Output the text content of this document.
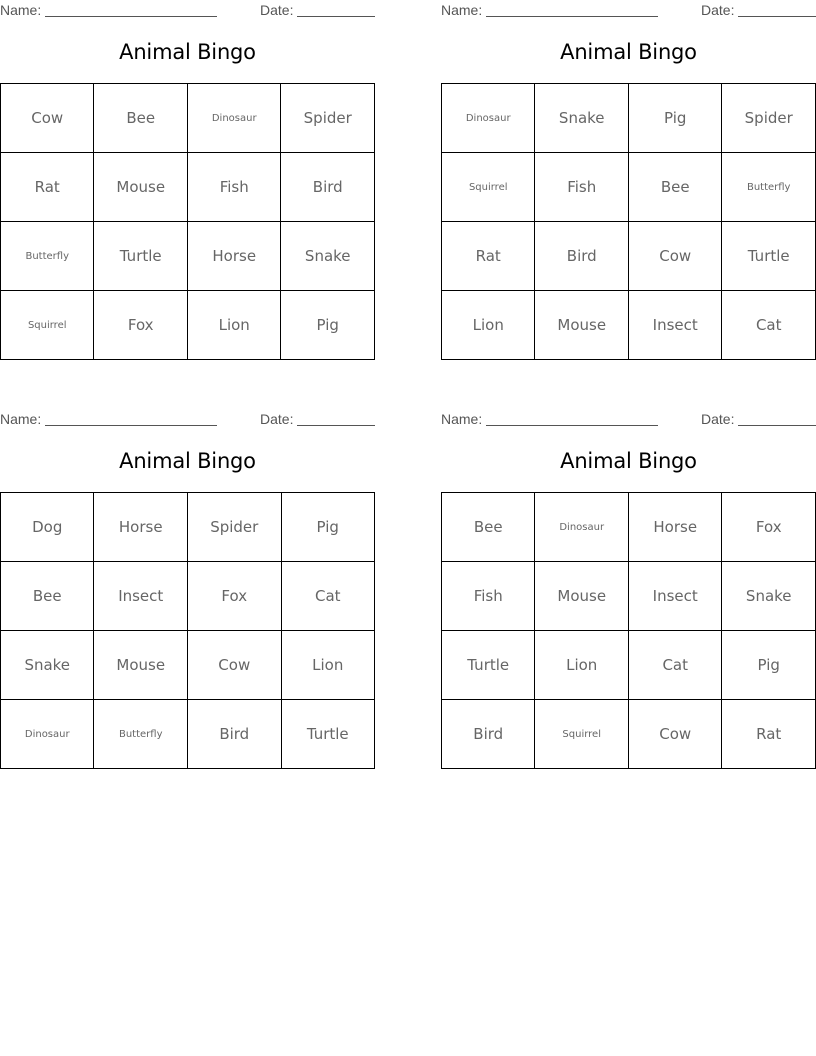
Name:	Date:
Animal Bingo
Cow	Bee	Dinosaur	Spider
Rat	Mouse	Fish	Bird
Butterfly	Turtle	Horse	Snake
Squirrel	Fox	Lion	Pig
Name:	Date:
Animal Bingo
Dinosaur	Snake	Pig	Spider
Squirrel	Fish	Bee	Butterfly
Rat	Bird	Cow	Turtle
Lion	Mouse	Insect	Cat
Name:	Date:
Animal Bingo
Dog	Horse	Spider	Pig
Bee	Insect	Fox	Cat
Snake	Mouse	Cow	Lion
Dinosaur	Butterfly	Bird	Turtle
Name:	Date:
Animal Bingo
Bee	Dinosaur	Horse	Fox
Fish	Mouse	Insect	Snake
Turtle	Lion	Cat	Pig
Bird	Squirrel	Cow	Rat
